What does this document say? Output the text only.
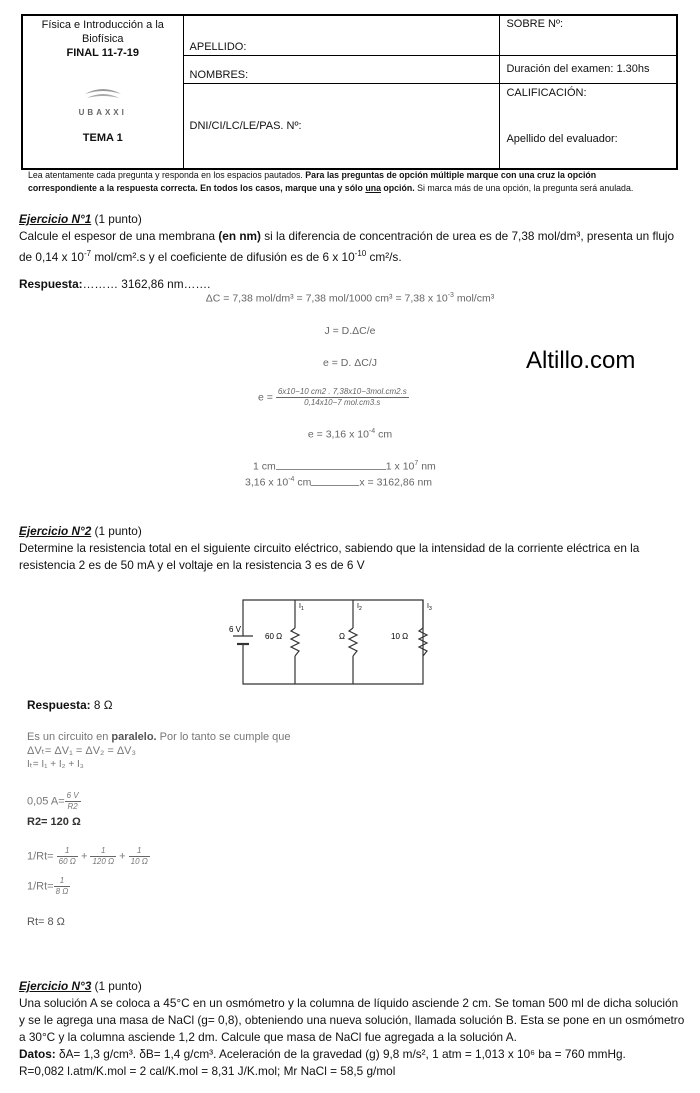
Física e Introducción a la
Biofísica
FINAL 11-7-19
UBAXXI
TEMA 1	APELLIDO:	SOBRE Nº:

	NOMBRES:	Duración del examen: 1.30hs

	DNI/CI/LC/LE/PAS. Nº:	CALIFICACIÓN:
Apellido del evaluador:
Lea atentamente cada pregunta y responda en los espacios pautados. Para las preguntas de opción múltiple marque con una cruz la opción
correspondiente a la respuesta correcta. En todos los casos, marque una y sólo una opción. Si marca más de una opción, la pregunta será anulada.
Ejercicio N°1 (1 punto)
Calcule el espesor de una membrana (en nm) si la diferencia de concentración de urea es de 7,38 mol/dm³, presenta un flujo
de 0,14 x $10^{-7}$ mol/cm².s y el coeficiente de difusión es de 6 x $10^{-10}$ cm²/s.
Respuesta:……… 3162,86 nm…….
ΔC = 7,38 mol/dm³ = 7,38 mol/1000 cm³ = 7,38 x $10^{-3}$ mol/cm³
J = D.ΔC/e
e = D. ΔC/J
$e = \frac{\text{6x10−10 cm2 . 7,38x10−3mol.cm2.s}}{\text{0,14x10−7 mol.cm3.s}}$
e = 3,16 x $10^{-4}$ cm
1 cm	1 x $10^7$ nm
3,16 x $10^{-4}$ cm	x = 3162,86 nm
Altillo.com
Ejercicio N°2 (1 punto)
Determine la resistencia total en el siguiente circuito eléctrico, sabiendo que la intensidad de la corriente eléctrica en la
resistencia 2 es de 50 mA y el voltaje en la resistencia 3 es de 6 V
6 V
$I_1$	$I_2$	$I_3$
60 Ω	Ω	10 Ω
Respuesta: 8 Ω
Es un circuito en paralelo. Por lo tanto se cumple que
ΔVₜ= ΔV₁ = ΔV₂ = ΔV₃
Iₜ= I₁ + I₂ + I₃
0,05 $A= \frac{6 V}{R2}$
R2= 120 Ω
$1/Rt= \frac{1}{60 \Omega} + \frac{1}{120 \Omega} + \frac{1}{10 \Omega}$
$1/Rt= \frac{1}{8 \Omega}$
Rt= 8 Ω
Ejercicio N°3 (1 punto)
Una solución A se coloca a 45°C en un osmómetro y la columna de líquido asciende 2 cm. Se toman 500 ml de dicha solución
y se le agrega una masa de NaCl (g= 0,8), obteniendo una nueva solución, llamada solución B. Esta se pone en un osmómetro
a 30°C y la columna asciende 1,2 dm. Calcule que masa de NaCl fue agregada a la solución A.
Datos: δA= 1,3 g/cm³. δB= 1,4 g/cm³. Aceleración de la gravedad (g) 9,8 m/s², 1 atm = 1,013 x 10⁶ ba = 760 mmHg.
R=0,082 l.atm/K.mol = 2 cal/K.mol = 8,31 J/K.mol; Mr NaCl = 58,5 g/mol
